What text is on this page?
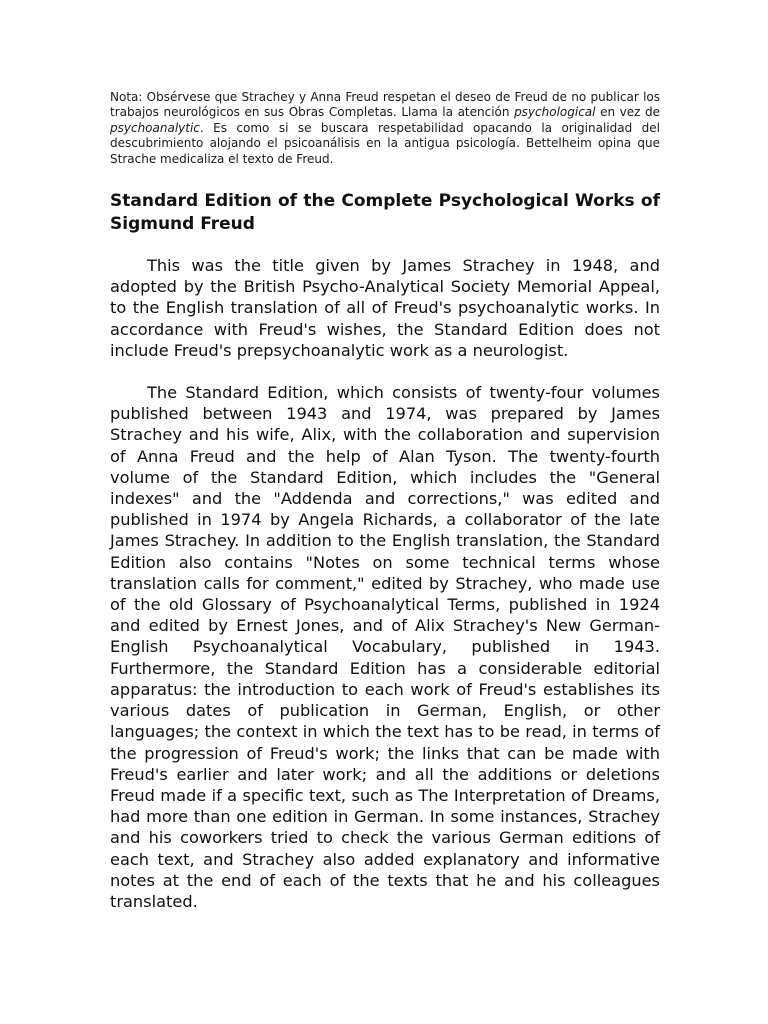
Nota: Obsérvese que Strachey y Anna Freud respetan el deseo de Freud de no publicar los trabajos neurológicos en sus Obras Completas. Llama la atención psychological en vez de psychoanalytic. Es como si se buscara respetabilidad opacando la originalidad del descubrimiento alojando el psicoanálisis en la antigua psicología. Bettelheim opina que Strache medicaliza el texto de Freud.

Standard Edition of the Complete Psychological Works of Sigmund Freud

This was the title given by James Strachey in 1948, and adopted by the British Psycho-Analytical Society Memorial Appeal, to the English translation of all of Freud's psychoanalytic works. In accordance with Freud's wishes, the Standard Edition does not include Freud's prepsychoanalytic work as a neurologist.

The Standard Edition, which consists of twenty-four volumes published between 1943 and 1974, was prepared by James Strachey and his wife, Alix, with the collaboration and supervision of Anna Freud and the help of Alan Tyson. The twenty-fourth volume of the Standard Edition, which includes the "General indexes" and the "Addenda and corrections," was edited and published in 1974 by Angela Richards, a collaborator of the late James Strachey. In addition to the English translation, the Standard Edition also contains "Notes on some technical terms whose translation calls for comment," edited by Strachey, who made use of the old Glossary of Psychoanalytical Terms, published in 1924 and edited by Ernest Jones, and of Alix Strachey's New German-English Psychoanalytical Vocabulary, published in 1943. Furthermore, the Standard Edition has a considerable editorial apparatus: the introduction to each work of Freud's establishes its various dates of publication in German, English, or other languages; the context in which the text has to be read, in terms of the progression of Freud's work; the links that can be made with Freud's earlier and later work; and all the additions or deletions Freud made if a specific text, such as The Interpretation of Dreams, had more than one edition in German. In some instances, Strachey and his coworkers tried to check the various German editions of each text, and Strachey also added explanatory and informative notes at the end of each of the texts that he and his colleagues translated.
